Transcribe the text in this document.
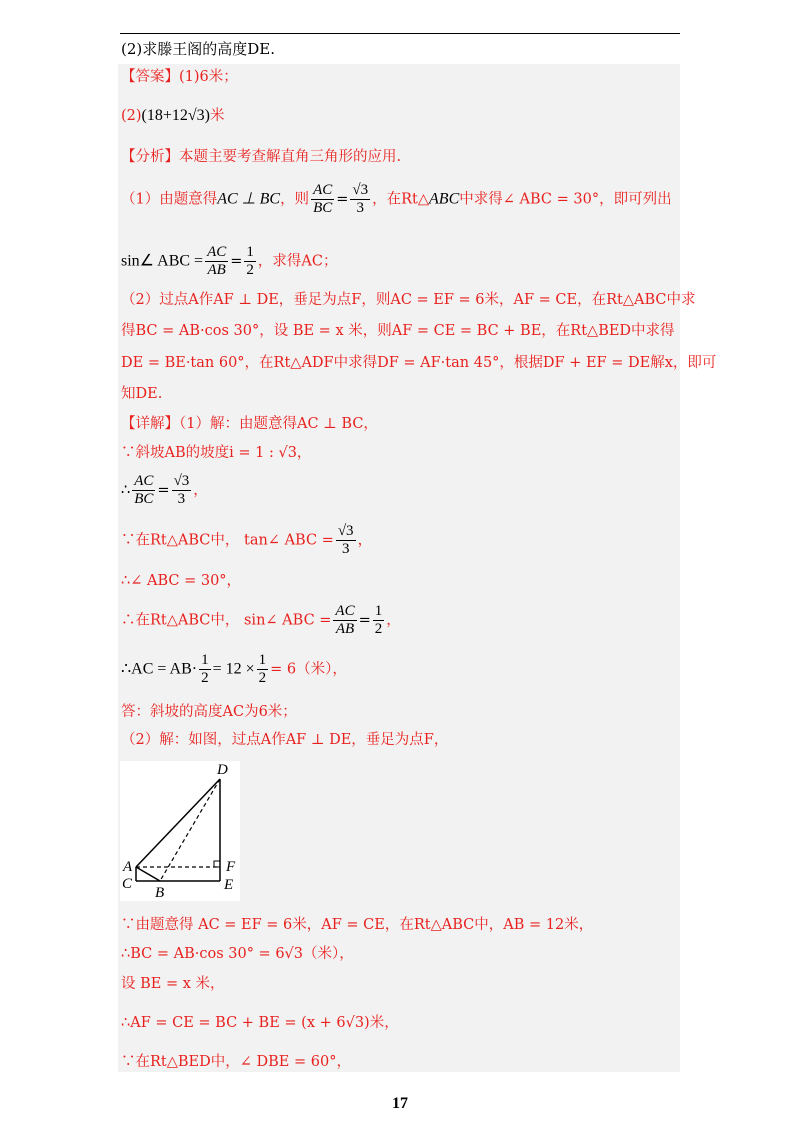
(2)求滕王阁的高度DE.
【答案】(1)6米；
(2)(18+12√3)米
【分析】本题主要考查解直角三角形的应用.
（1）由题意得AC ⊥ BC，则 $\frac{AC}{BC} = \frac{√3}{3}$ ，在Rt△ABC中求得∠ ABC = 30°，即可列出
sin∠ ABC = $\frac{AC}{AB} = \frac{1}{2}$ ，求得AC；
（2）过点A作AF ⊥ DE，垂足为点F，则AC = EF = 6米，AF = CE，在Rt△ABC中求
得BC = AB·cos 30°，设 BE = x 米，则AF = CE = BC + BE，在Rt△BED中求得
DE = BE·tan 60°，在Rt△ADF中求得DF = AF·tan 45°，根据DF + EF = DE解x，即可
知DE.
【详解】（1）解：由题意得AC ⊥ BC，
∵斜坡AB的坡度i = 1 : √3，
∴ $\frac{AC}{BC} = \frac{√3}{3}$ ，
∵在Rt△ABC中， tan∠ ABC = $\frac{√3}{3}$ ，
∴∠ ABC = 30°，
∴在Rt△ABC中， sin∠ ABC = $\frac{AC}{AB} = \frac{1}{2}$ ，
∴AC = $AB\cdot \frac{1}{2} = 12 \times \frac{1}{2} = 6$（米），
答：斜坡的高度AC为6米；
（2）解：如图，过点A作AF ⊥ DE，垂足为点F，
D
A	F
C
B	E
∵由题意得 AC = EF = 6米，AF = CE，在Rt△ABC中，AB = 12米，
∴BC = AB·cos 30° = 6√3（米），
设 BE = x 米，
∴AF = CE = BC + BE = (x + 6√3)米，
∵在Rt△BED中，∠ DBE = 60°，
17
